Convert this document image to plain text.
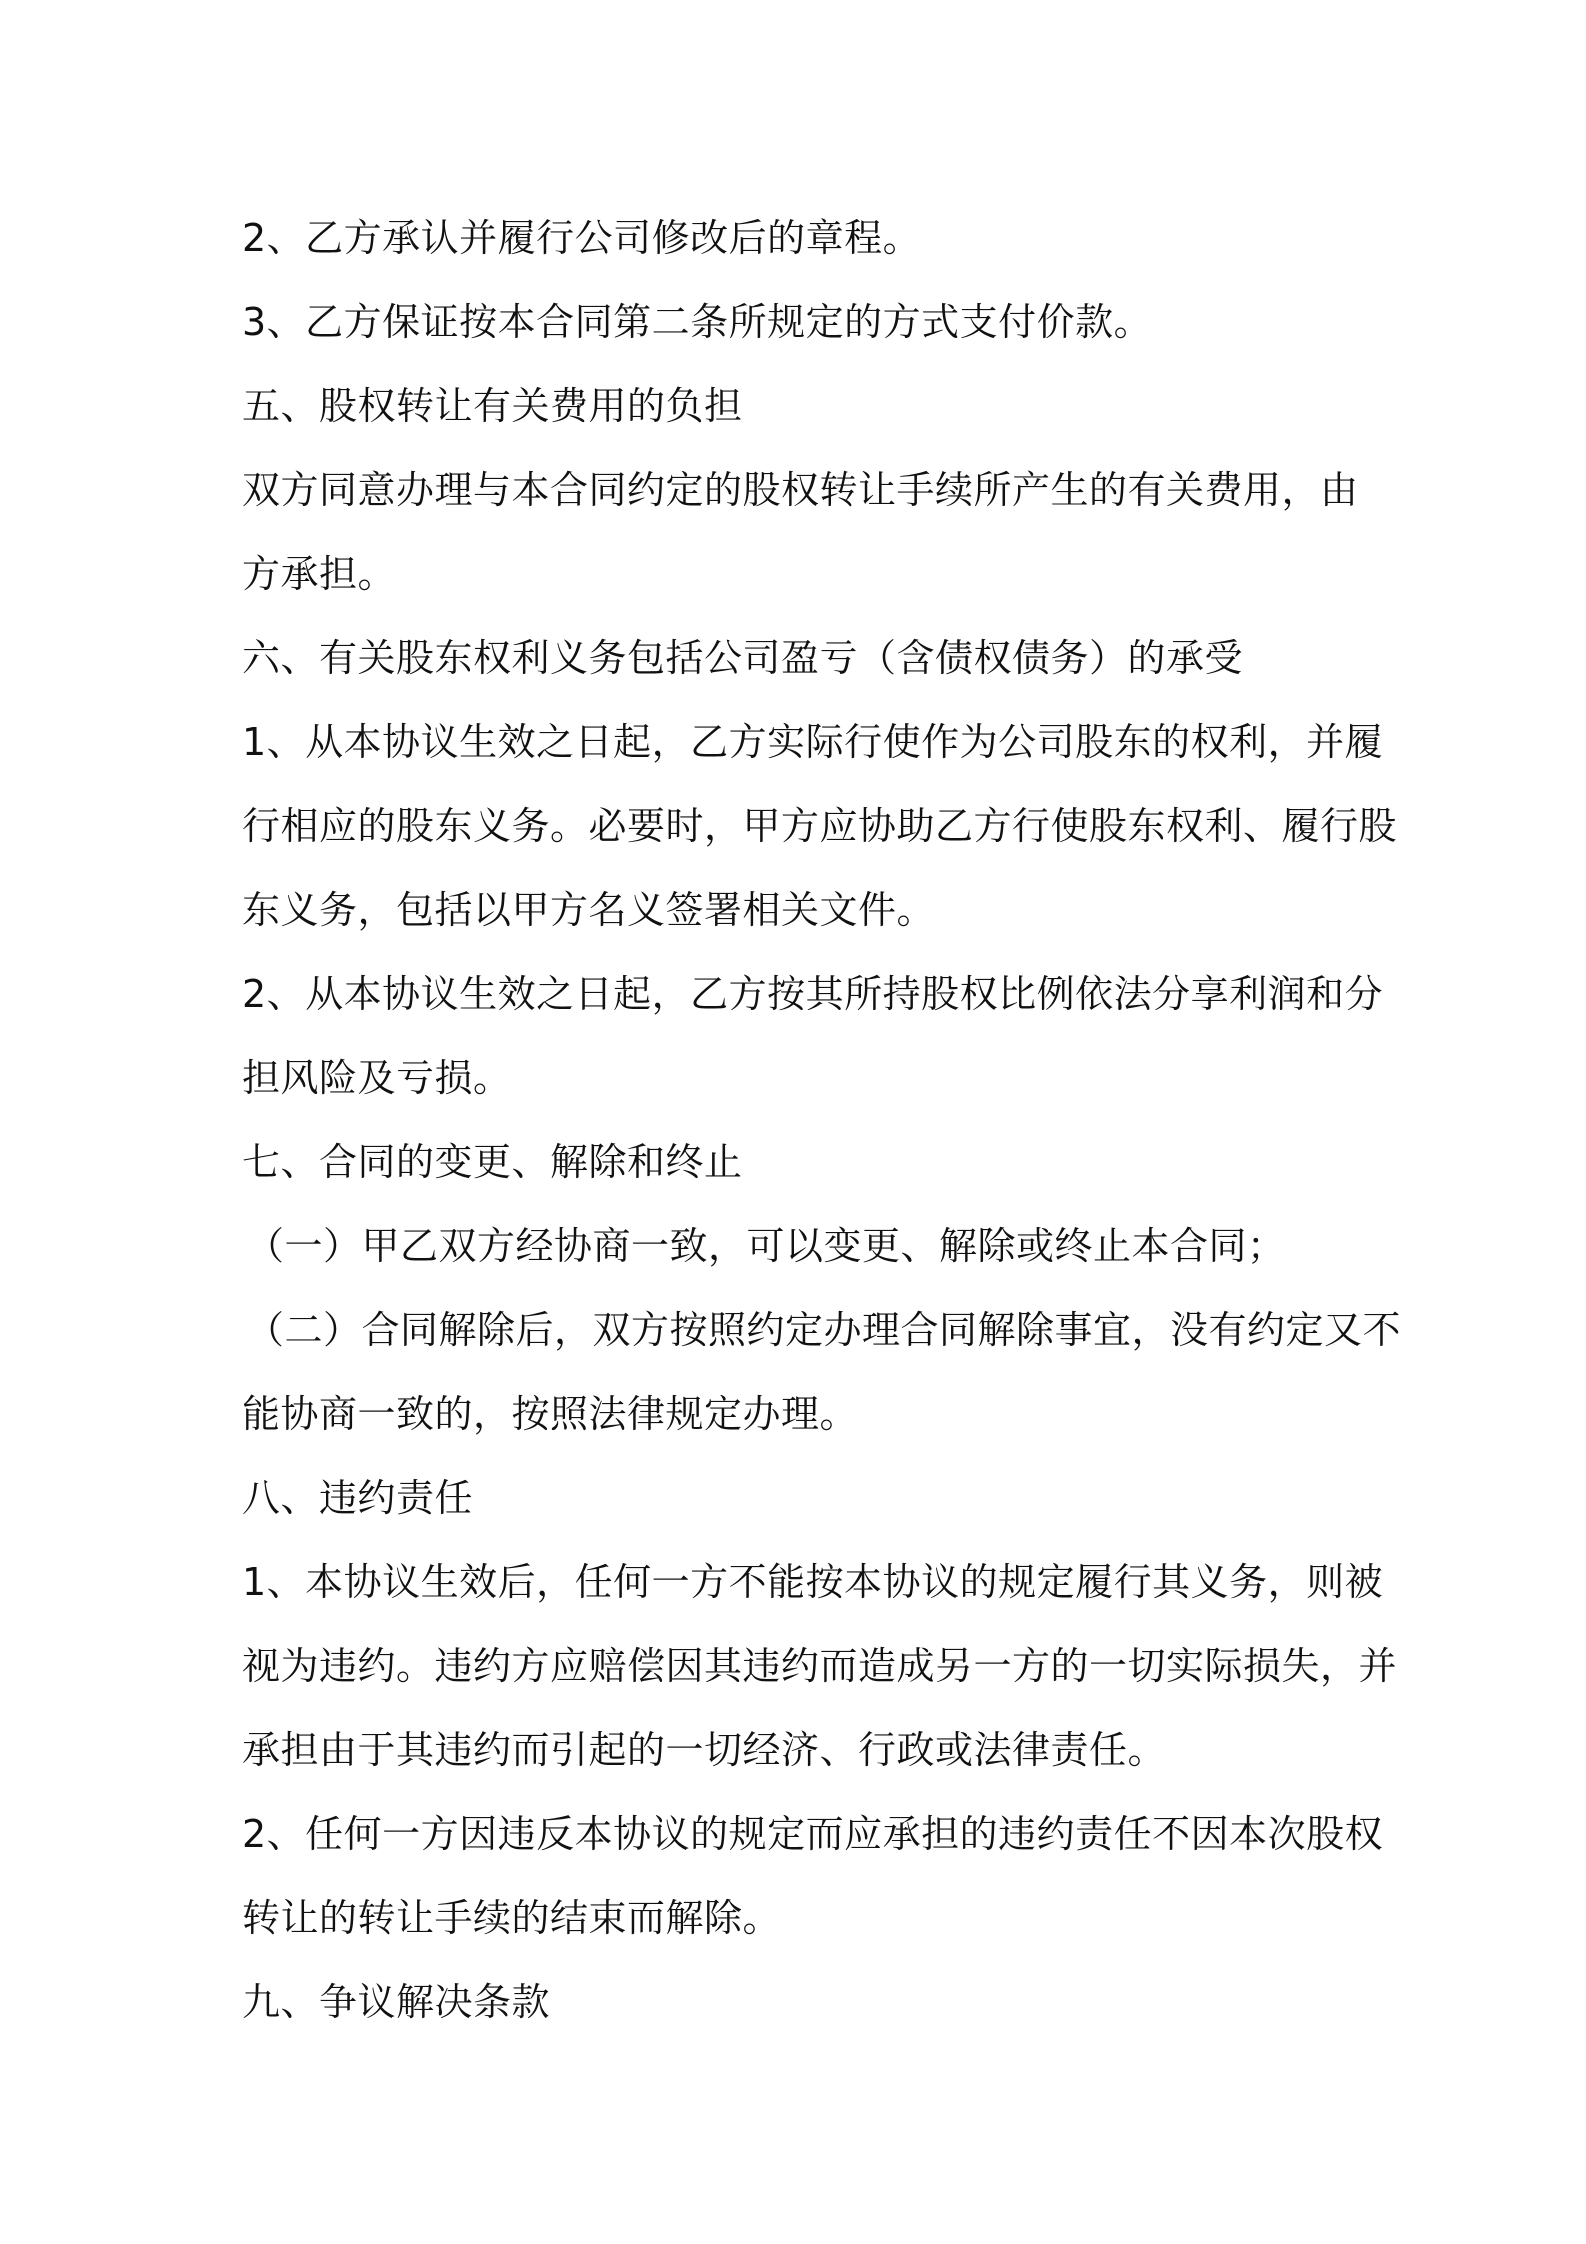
2、乙方承认并履行公司修改后的章程。
3、乙方保证按本合同第二条所规定的方式支付价款。
五、股权转让有关费用的负担
双方同意办理与本合同约定的股权转让手续所产生的有关费用，由
方承担。
六、有关股东权利义务包括公司盈亏（含债权债务）的承受
1、从本协议生效之日起，乙方实际行使作为公司股东的权利，并履
行相应的股东义务。必要时，甲方应协助乙方行使股东权利、履行股
东义务，包括以甲方名义签署相关文件。
2、从本协议生效之日起，乙方按其所持股权比例依法分享利润和分
担风险及亏损。
七、合同的变更、解除和终止
（一）甲乙双方经协商一致，可以变更、解除或终止本合同；
（二）合同解除后，双方按照约定办理合同解除事宜，没有约定又不
能协商一致的，按照法律规定办理。
八、违约责任
1、本协议生效后，任何一方不能按本协议的规定履行其义务，则被
视为违约。违约方应赔偿因其违约而造成另一方的一切实际损失，并
承担由于其违约而引起的一切经济、行政或法律责任。
2、任何一方因违反本协议的规定而应承担的违约责任不因本次股权
转让的转让手续的结束而解除。
九、争议解决条款
